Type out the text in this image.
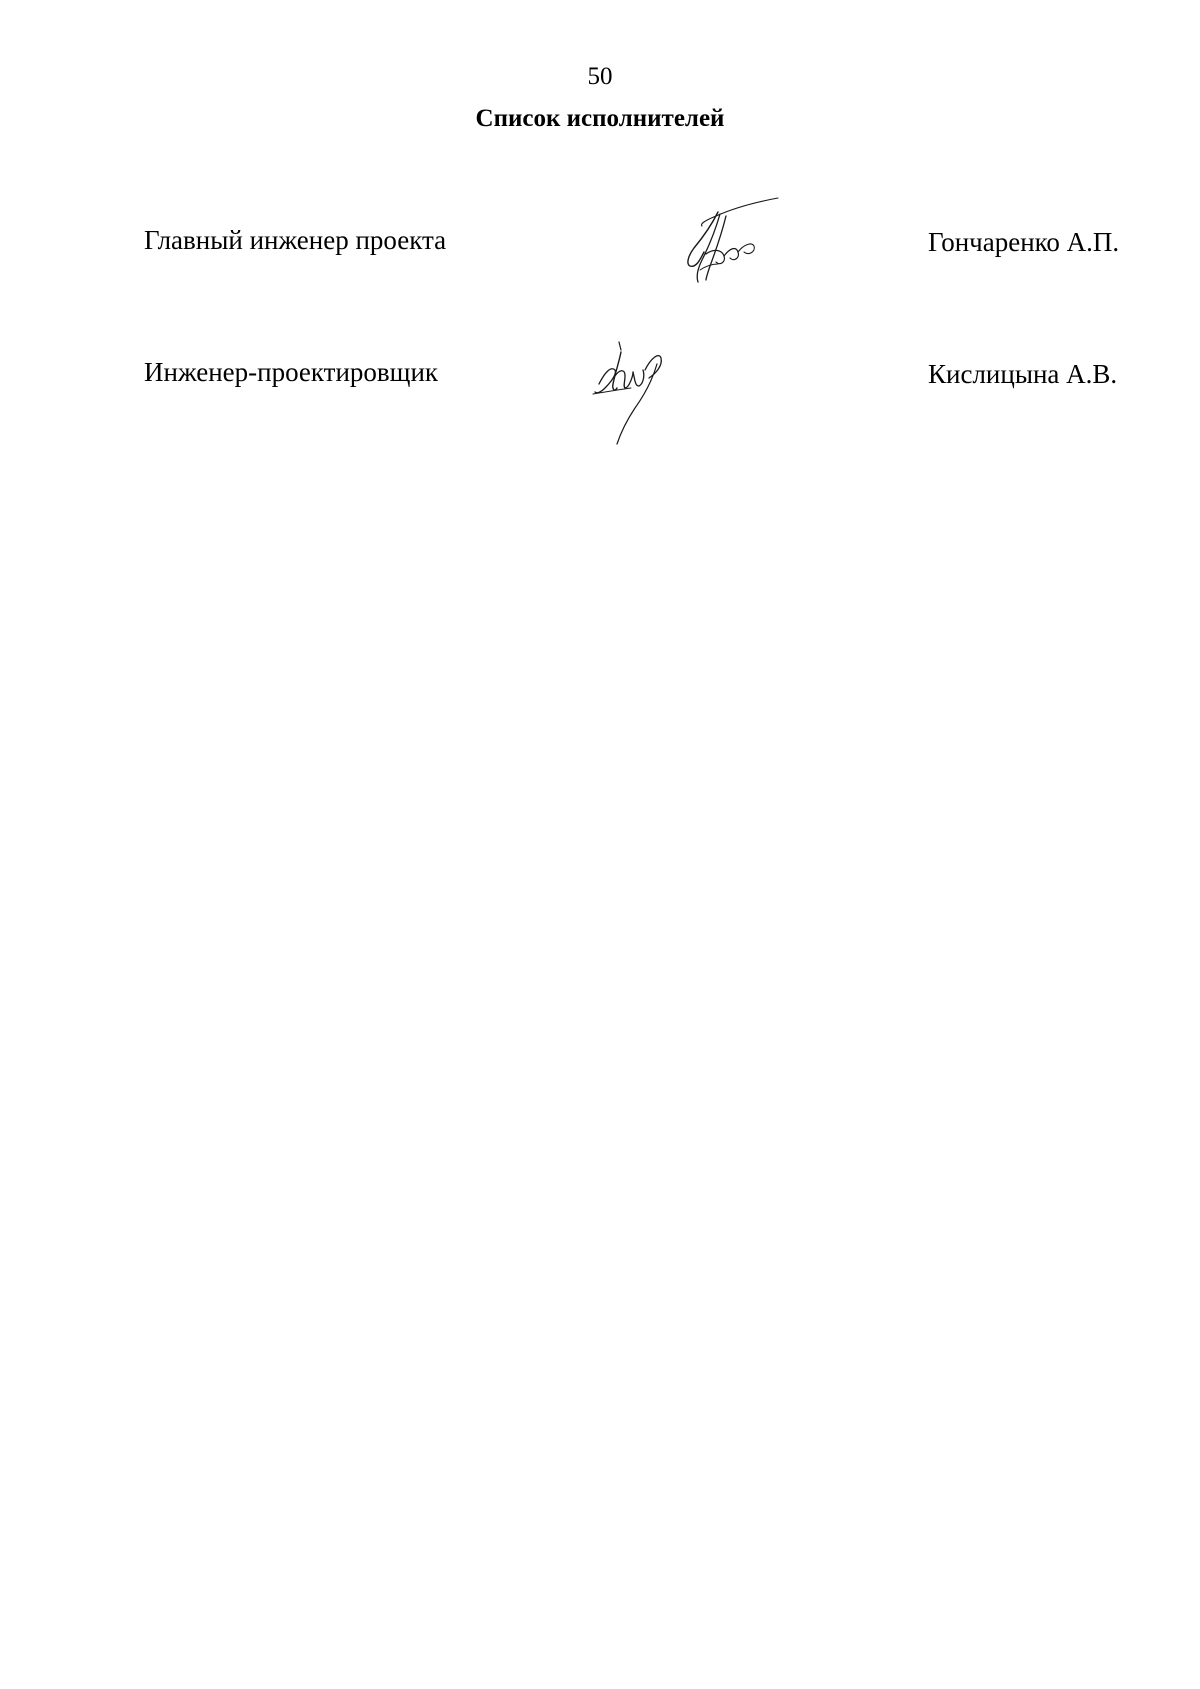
50
Список исполнителей
Главный инженер проекта	Гончаренко А.П.
Инженер-проектировщик	Кислицына А.В.
